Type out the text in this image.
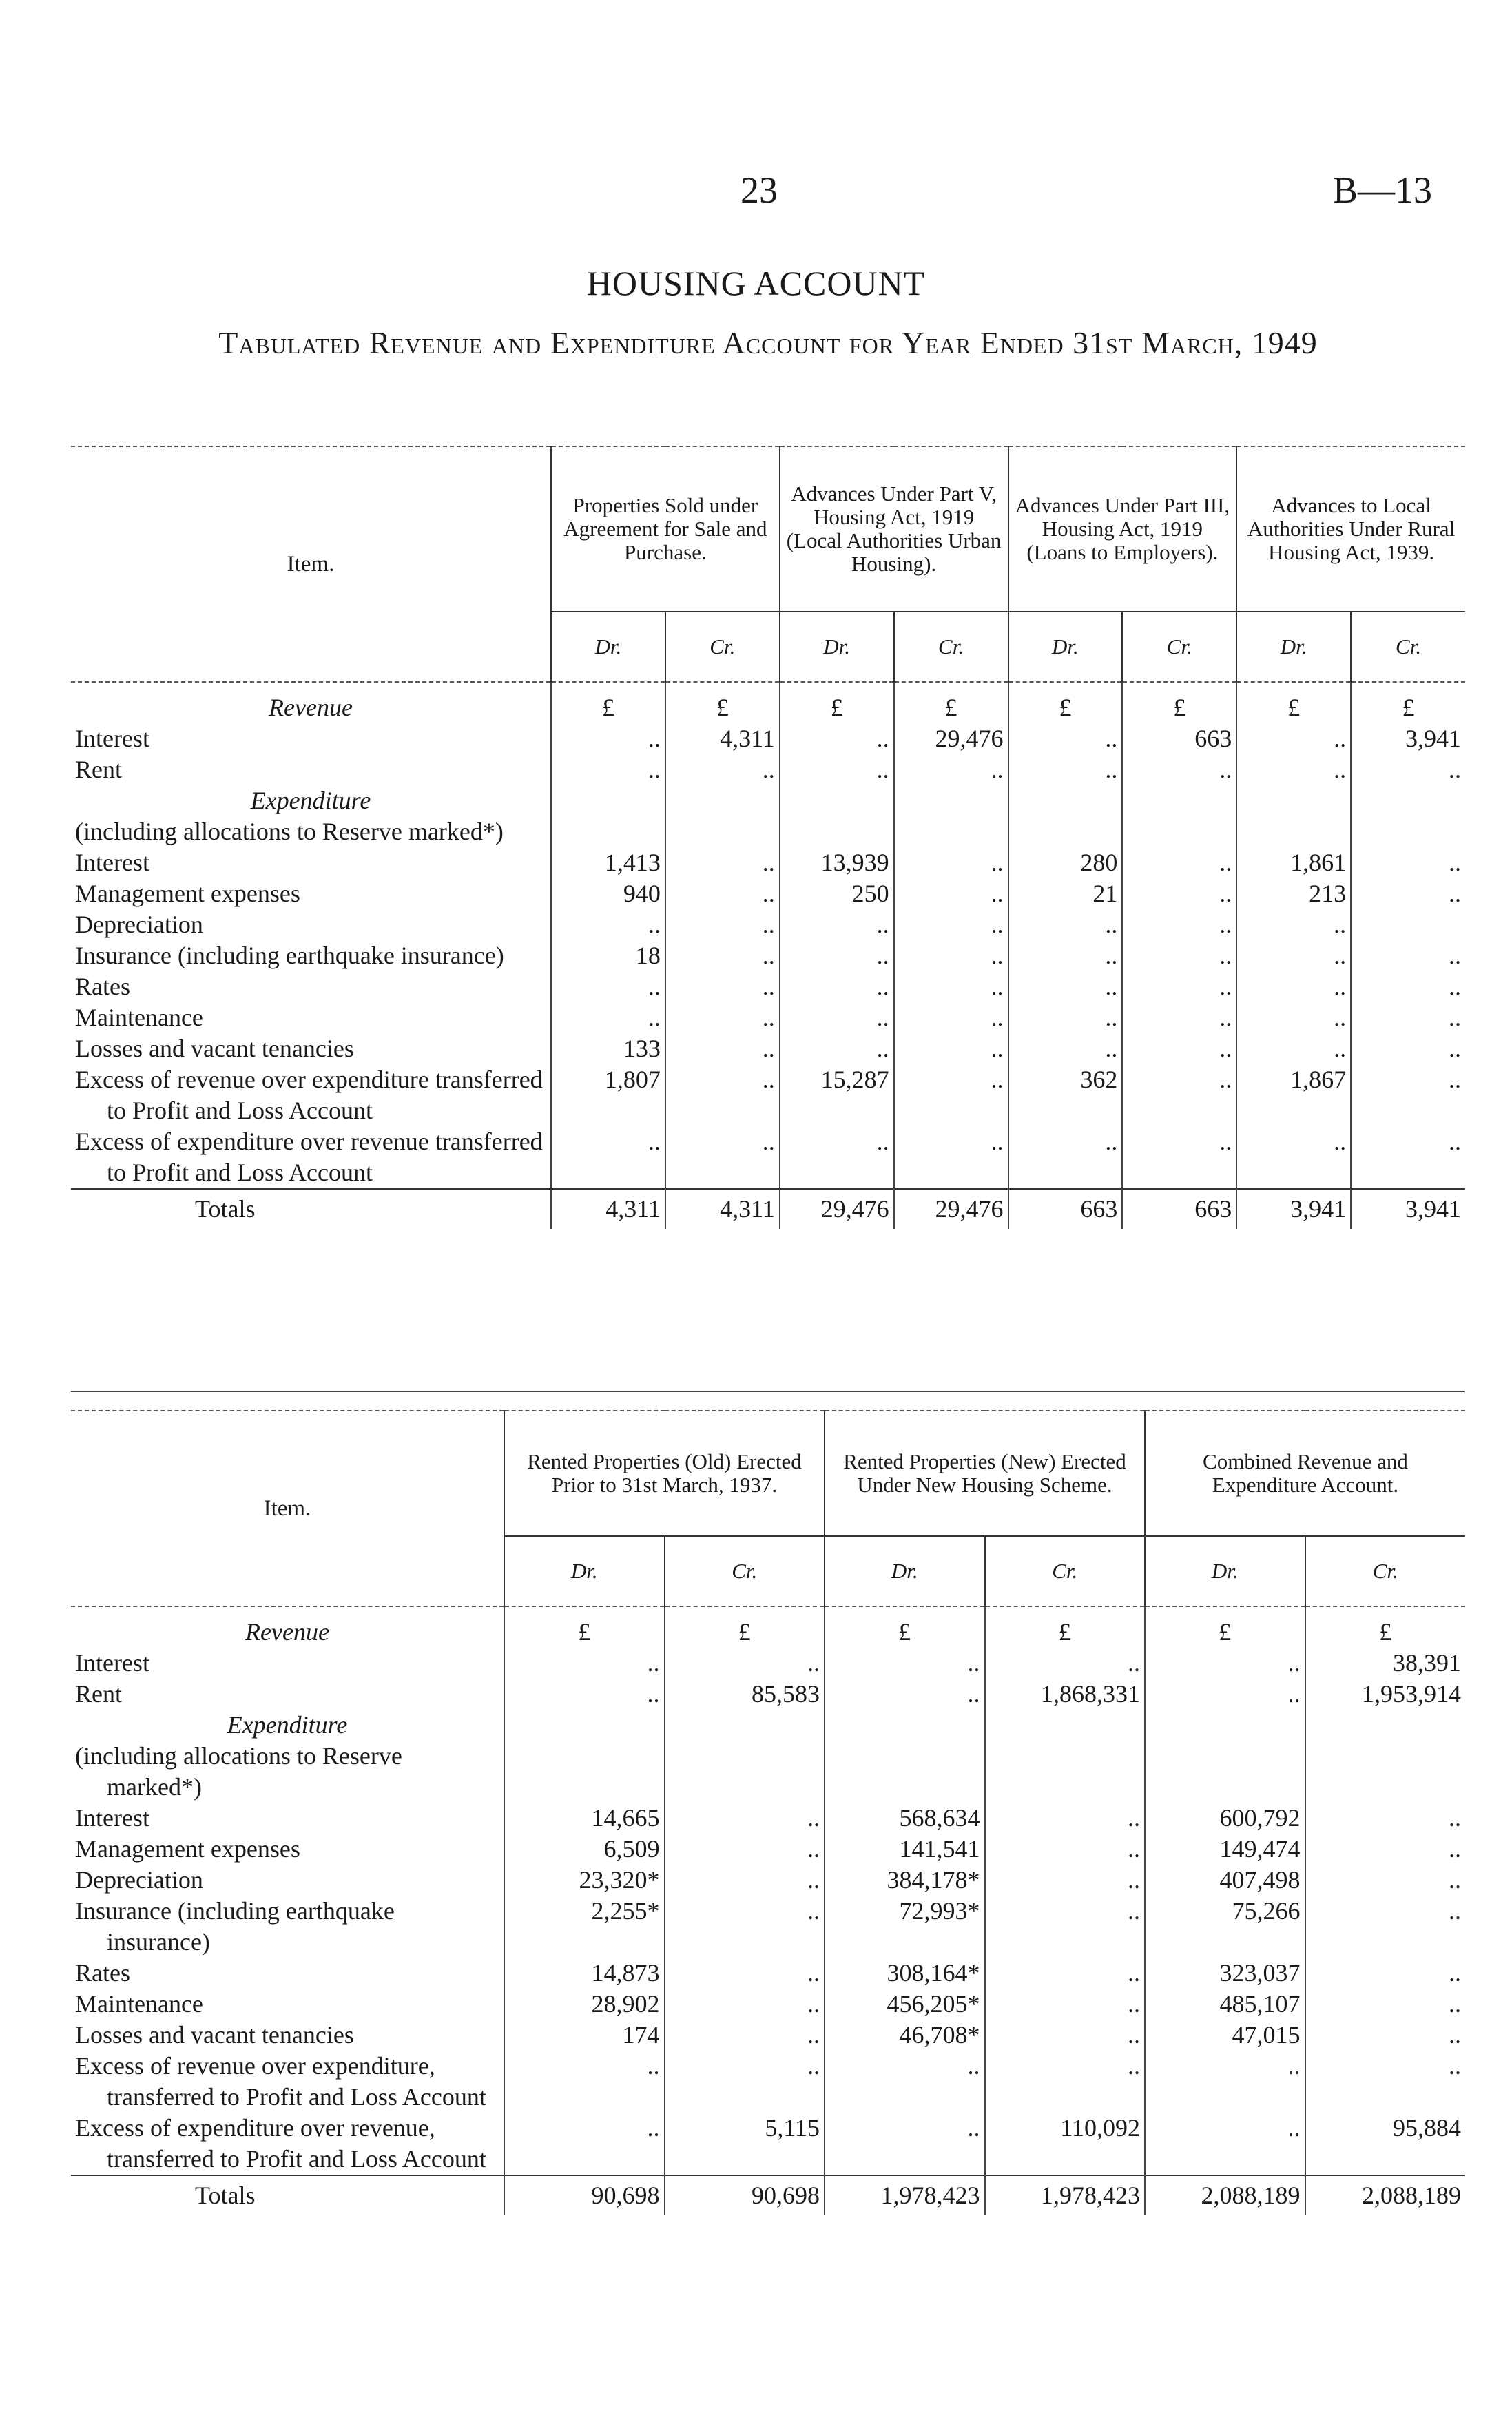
23	B—13
HOUSING ACCOUNT
Tabulated Revenue and Expenditure Account for Year Ended 31st March, 1949
Item.	Properties Sold under Agreement for Sale and Purchase.		Advances Under Part V, Housing Act, 1919 (Local Authorities Urban Housing).		Advances Under Part III, Housing Act, 1919 (Loans to Employers).		Advances to Local Authorities Under Rural Housing Act, 1939.	
	Dr.	Cr.	Dr.	Cr.	Dr.	Cr.	Dr.	Cr.
Revenue	£	£	£	£	£	£	£	£
Interest	..	4,311	..	29,476	..	663	..	3,941
Rent	..	..	..	..	..	..	..	..
Expenditure								
(including allocations to Reserve marked*)								
Interest	1,413	..	13,939	..	280	..	1,861	..
Management expenses	940	..	250	..	21	..	213	..
Depreciation	..	..	..	..	..	..	..	
Insurance (including earthquake insurance)	18	..	..	..	..	..	..	..
Rates	..	..	..	..	..	..	..	..
Maintenance	..	..	..	..	..	..	..	..
Losses and vacant tenancies	133	..	..	..	..	..	..	..
Excess of revenue over expenditure transferred to Profit and Loss Account	1,807	..	15,287	..	362	..	1,867	..
Excess of expenditure over revenue transferred to Profit and Loss Account	..	..	..	..	..	..	..	..
Totals	4,311	4,311	29,476	29,476	663	663	3,941	3,941
Item.	Rented Properties (Old) Erected Prior to 31st March, 1937.		Rented Properties (New) Erected Under New Housing Scheme.		Combined Revenue and Expenditure Account.	
	Dr.	Cr.	Dr.	Cr.	Dr.	Cr.
Revenue	£	£	£	£	£	£
Interest	..	..	..	..	..	38,391
Rent	..	85,583	..	1,868,331	..	1,953,914
Expenditure						
(including allocations to Reserve marked*)						
Interest	14,665	..	568,634	..	600,792	..
Management expenses	6,509	..	141,541	..	149,474	..
Depreciation	23,320*	..	384,178*	..	407,498	..
Insurance (including earthquake insurance)	2,255*	..	72,993*	..	75,266	..
Rates	14,873	..	308,164*	..	323,037	..
Maintenance	28,902	..	456,205*	..	485,107	..
Losses and vacant tenancies	174	..	46,708*	..	47,015	..
Excess of revenue over expenditure, transferred to Profit and Loss Account	..	..	..	..	..	..
Excess of expenditure over revenue, transferred to Profit and Loss Account	..	5,115	..	110,092	..	95,884
Totals	90,698	90,698	1,978,423	1,978,423	2,088,189	2,088,189
